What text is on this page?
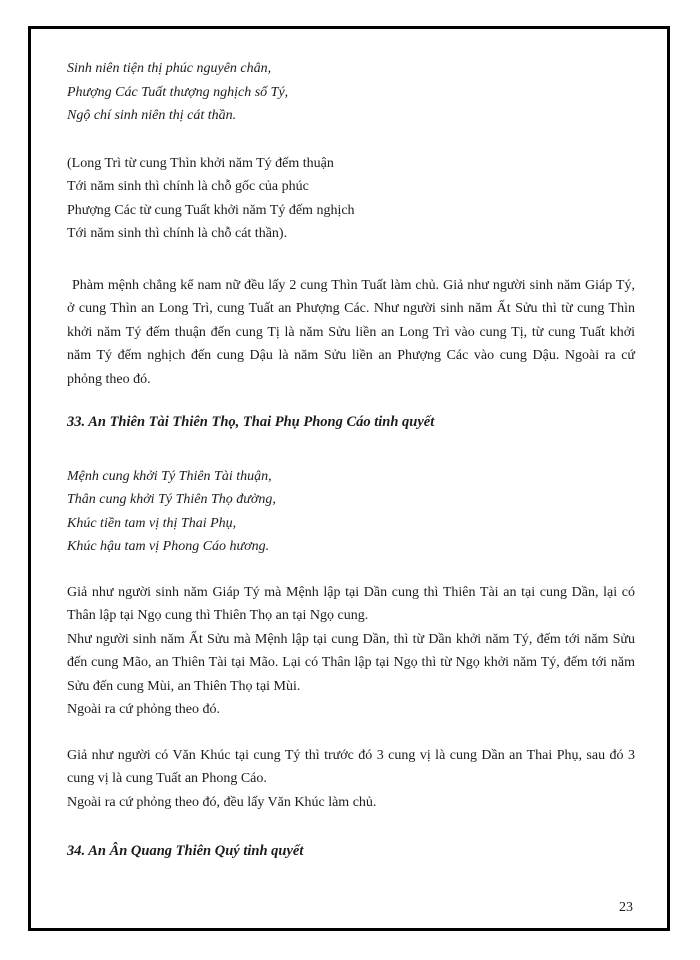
Sinh niên tiện thị phúc nguyên chân,
Phượng Các Tuất thượng nghịch số Tý,
Ngộ chí sinh niên thị cát thần.
(Long Trì từ cung Thìn khởi năm Tý đếm thuận
Tới năm sinh thì chính là chỗ gốc của phúc
Phượng Các từ cung Tuất khởi năm Tý đếm nghịch
Tới năm sinh thì chính là chỗ cát thần).
Phàm mệnh chẳng kể nam nữ đều lấy 2 cung Thìn Tuất làm chủ. Giả như người sinh năm Giáp Tý,
ở cung Thìn an Long Trì, cung Tuất an Phượng Các. Như người sinh năm Ất Sửu thì từ cung Thìn
khởi năm Tý đếm thuận đến cung Tị là năm Sửu liền an Long Trì vào cung Tị, từ cung Tuất khởi
năm Tý đếm nghịch đến cung Dậu là năm Sửu liền an Phượng Các vào cung Dậu. Ngoài ra cứ
phỏng theo đó.
33. An Thiên Tài Thiên Thọ, Thai Phụ Phong Cáo tinh quyết
Mệnh cung khởi Tý Thiên Tài thuận,
Thân cung khởi Tý Thiên Thọ đường,
Khúc tiền tam vị thị Thai Phụ,
Khúc hậu tam vị Phong Cáo hương.
Giả như người sinh năm Giáp Tý mà Mệnh lập tại Dần cung thì Thiên Tài an tại cung Dần, lại có
Thân lập tại Ngọ cung thì Thiên Thọ an tại Ngọ cung.
Như người sinh năm Ất Sửu mà Mệnh lập tại cung Dần, thì từ Dần khởi năm Tý, đếm tới năm Sửu
đến cung Mão, an Thiên Tài tại Mão. Lại có Thân lập tại Ngọ thì từ Ngọ khởi năm Tý, đếm tới năm
Sửu đến cung Mùi, an Thiên Thọ tại Mùi.
Ngoài ra cứ phỏng theo đó.
Giả như người có Văn Khúc tại cung Tý thì trước đó 3 cung vị là cung Dần an Thai Phụ, sau đó 3
cung vị là cung Tuất an Phong Cáo.
Ngoài ra cứ phỏng theo đó, đều lấy Văn Khúc làm chủ.
34. An Ân Quang Thiên Quý tinh quyết
23
